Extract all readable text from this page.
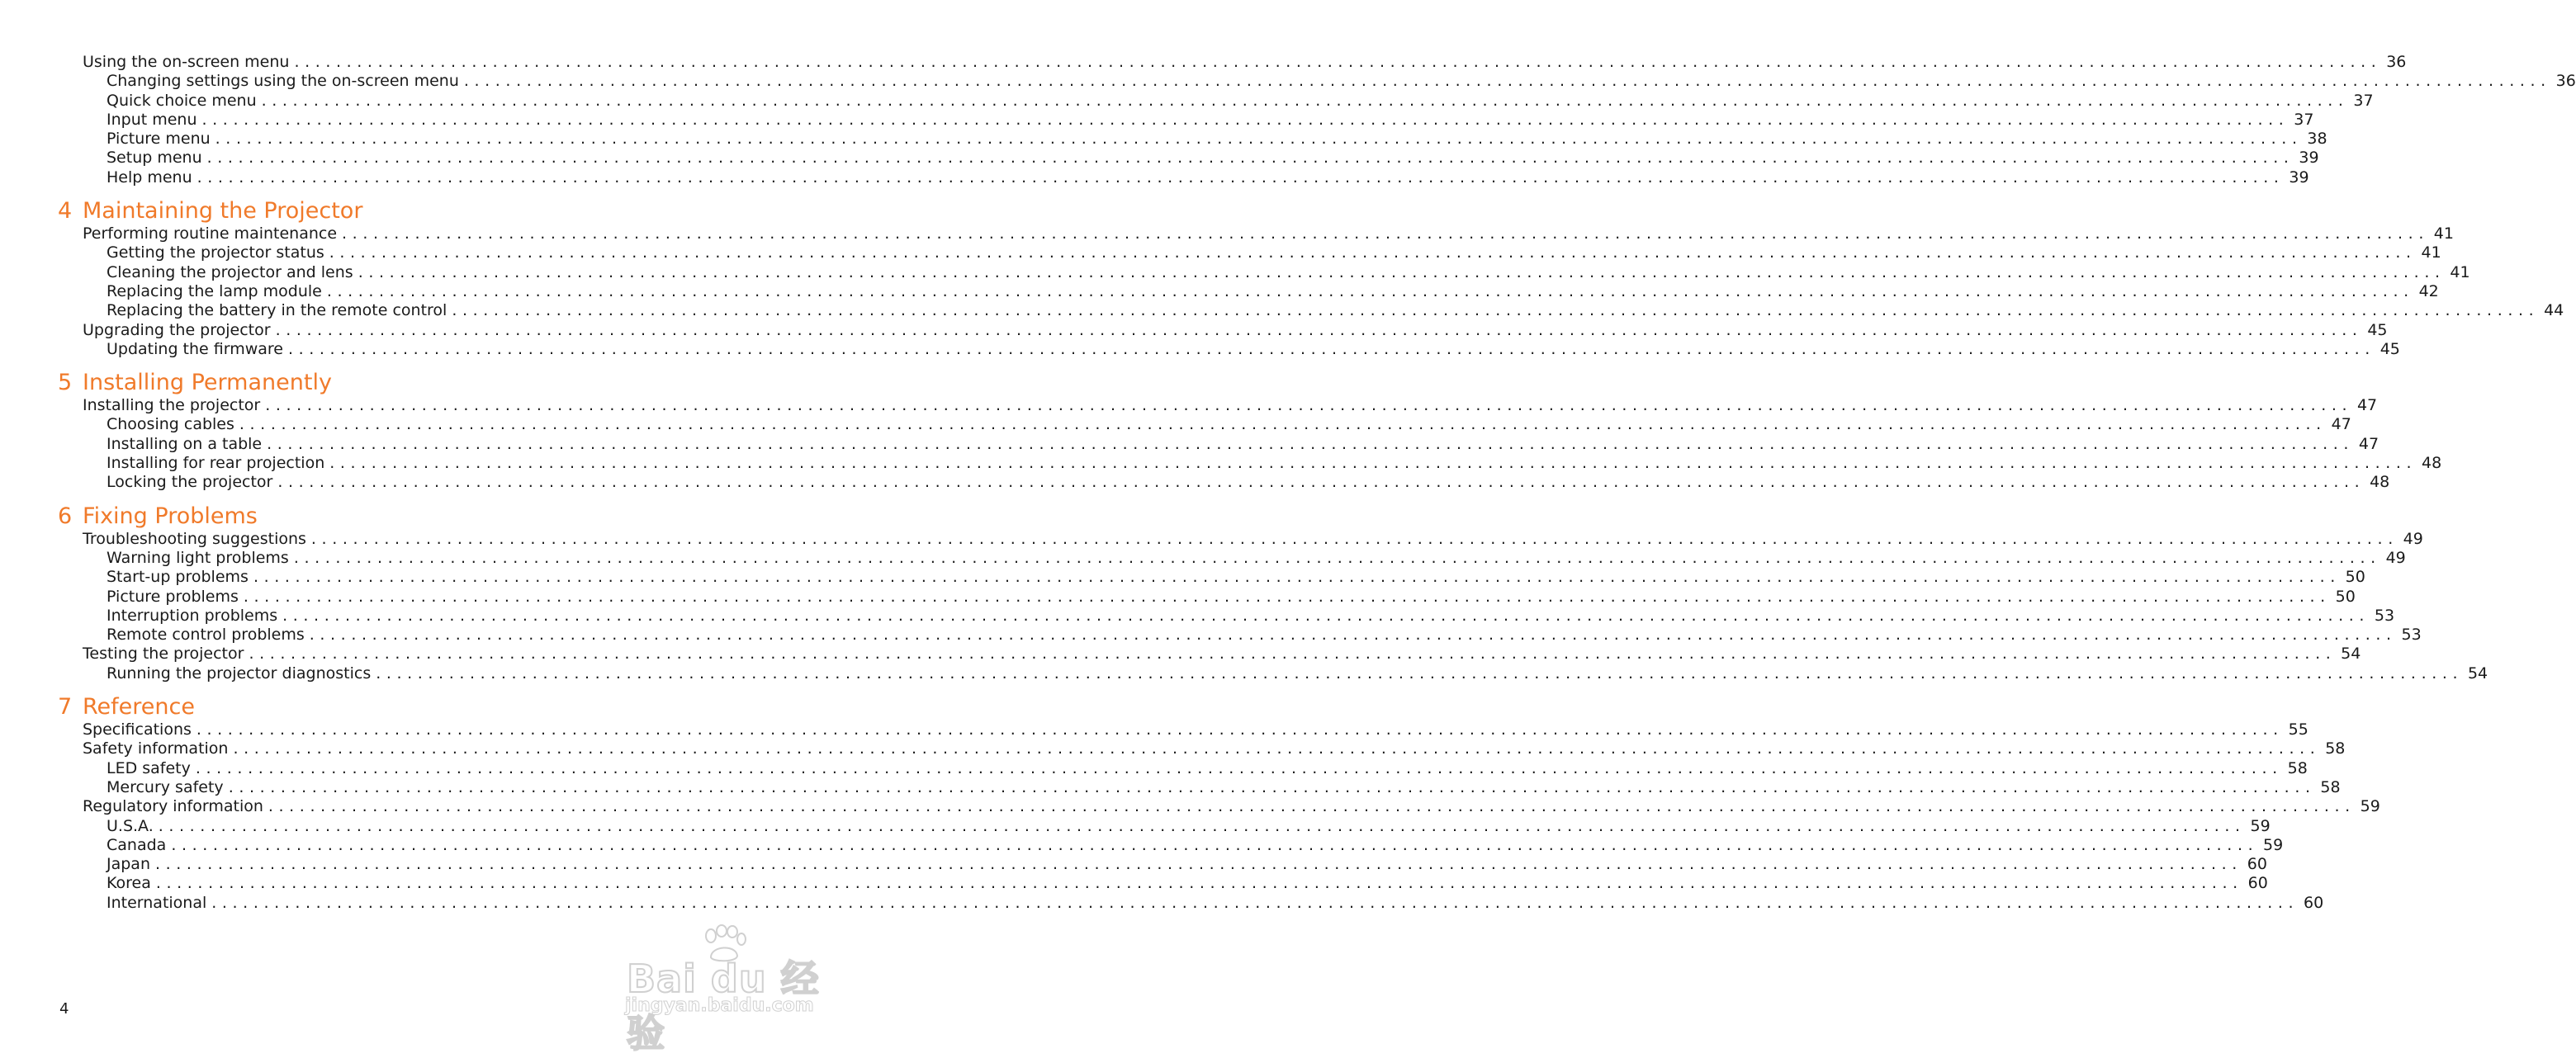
Using the on-screen menu ........................................................................................................................................................................................................ 36
Changing settings using the on-screen menu ........................................................................................................................................................................................................ 36
Quick choice menu ........................................................................................................................................................................................................ 37
Input menu ........................................................................................................................................................................................................ 37
Picture menu ........................................................................................................................................................................................................ 38
Setup menu ........................................................................................................................................................................................................ 39
Help menu ........................................................................................................................................................................................................ 39
4 Maintaining the Projector
Performing routine maintenance ........................................................................................................................................................................................................ 41
Getting the projector status ........................................................................................................................................................................................................ 41
Cleaning the projector and lens ........................................................................................................................................................................................................ 41
Replacing the lamp module ........................................................................................................................................................................................................ 42
Replacing the battery in the remote control ........................................................................................................................................................................................................ 44
Upgrading the projector ........................................................................................................................................................................................................ 45
Updating the firmware ........................................................................................................................................................................................................ 45
5 Installing Permanently
Installing the projector ........................................................................................................................................................................................................ 47
Choosing cables ........................................................................................................................................................................................................ 47
Installing on a table ........................................................................................................................................................................................................ 47
Installing for rear projection ........................................................................................................................................................................................................ 48
Locking the projector ........................................................................................................................................................................................................ 48
6 Fixing Problems
Troubleshooting suggestions ........................................................................................................................................................................................................ 49
Warning light problems ........................................................................................................................................................................................................ 49
Start-up problems ........................................................................................................................................................................................................ 50
Picture problems ........................................................................................................................................................................................................ 50
Interruption problems ........................................................................................................................................................................................................ 53
Remote control problems ........................................................................................................................................................................................................ 53
Testing the projector ........................................................................................................................................................................................................ 54
Running the projector diagnostics ........................................................................................................................................................................................................ 54
7 Reference
Specifications ........................................................................................................................................................................................................ 55
Safety information ........................................................................................................................................................................................................ 58
LED safety ........................................................................................................................................................................................................ 58
Mercury safety ........................................................................................................................................................................................................ 58
Regulatory information ........................................................................................................................................................................................................ 59
U.S.A. ........................................................................................................................................................................................................ 59
Canada ........................................................................................................................................................................................................ 59
Japan ........................................................................................................................................................................................................ 60
Korea ........................................................................................................................................................................................................ 60
International ........................................................................................................................................................................................................ 60
4
Bai du 经验
jingyan.baidu.com
